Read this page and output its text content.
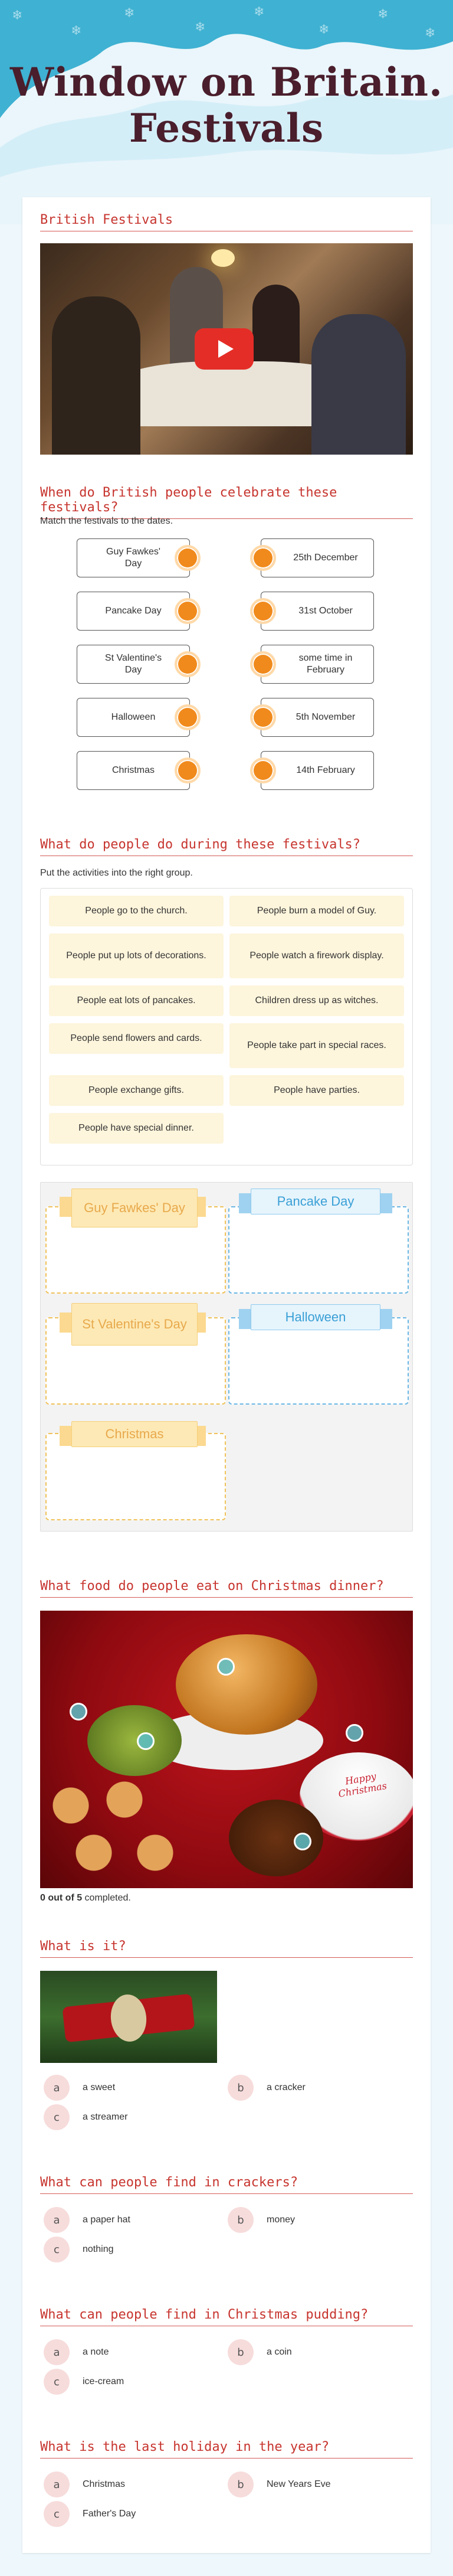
❄
❄
❄
❄
❄
❄
❄
❄
Window on Britain. Festivals
British Festivals
When do British people celebrate these festivals?
Match the festivals to the dates.
Guy Fawkes' Day
Pancake Day
St Valentine's Day
Halloween
Christmas
25th December
31st October
some time in February
5th November
14th February
What do people do during these festivals?
Put the activities into the right group.
People go to the church.	People burn a model of Guy.
People put up lots of decorations.	People watch a firework display.
People eat lots of pancakes.	Children dress up as witches.
People send flowers and cards.
People take part in special races.
People exchange gifts.	People have parties.
People have special dinner.
Guy Fawkes' Day	Pancake Day
St Valentine's Day	Halloween
Christmas
What food do people eat on Christmas dinner?
Happy Christmas
0 out of 5 completed.
What is it?
a	a sweet	b	a cracker
c	a streamer
What can people find in crackers?
a	a paper hat	b	money
c	nothing
What can people find in Christmas pudding?
a	a note	b	a coin
c	ice-cream
What is the last holiday in the year?
a	Christmas	b	New Years Eve
c	Father's Day
